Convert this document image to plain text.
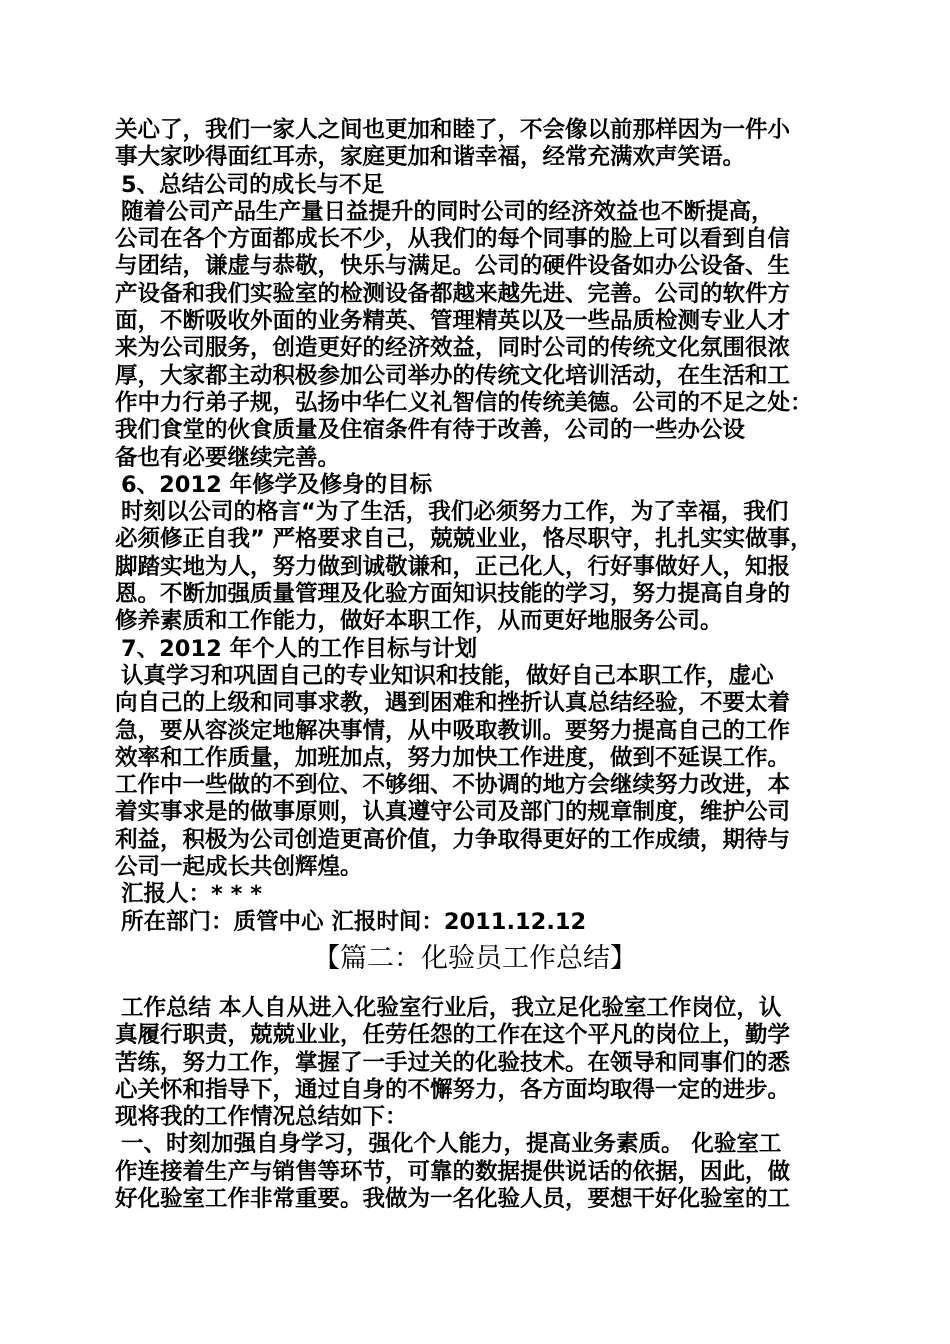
关心了，我们一家人之间也更加和睦了，不会像以前那样因为一件小
事大家吵得面红耳赤，家庭更加和谐幸福，经常充满欢声笑语。
5、总结公司的成长与不足
随着公司产品生产量日益提升的同时公司的经济效益也不断提高，
公司在各个方面都成长不少，从我们的每个同事的脸上可以看到自信
与团结，谦虚与恭敬，快乐与满足。公司的硬件设备如办公设备、生
产设备和我们实验室的检测设备都越来越先进、完善。公司的软件方
面，不断吸收外面的业务精英、管理精英以及一些品质检测专业人才
来为公司服务，创造更好的经济效益，同时公司的传统文化氛围很浓
厚，大家都主动积极参加公司举办的传统文化培训活动，在生活和工
作中力行弟子规，弘扬中华仁义礼智信的传统美德。公司的不足之处：
我们食堂的伙食质量及住宿条件有待于改善，公司的一些办公设
备也有必要继续完善。
6、2012 年修学及修身的目标
时刻以公司的格言“为了生活，我们必须努力工作，为了幸福，我们
必须修正自我” 严格要求自己，兢兢业业，恪尽职守，扎扎实实做事，
脚踏实地为人，努力做到诚敬谦和，正己化人，行好事做好人，知报
恩。不断加强质量管理及化验方面知识技能的学习，努力提高自身的
修养素质和工作能力，做好本职工作，从而更好地服务公司。
7、2012 年个人的工作目标与计划
认真学习和巩固自己的专业知识和技能，做好自己本职工作，虚心
向自己的上级和同事求教，遇到困难和挫折认真总结经验，不要太着
急，要从容淡定地解决事情，从中吸取教训。要努力提高自己的工作
效率和工作质量，加班加点，努力加快工作进度，做到不延误工作。
工作中一些做的不到位、不够细、不协调的地方会继续努力改进，本
着实事求是的做事原则，认真遵守公司及部门的规章制度，维护公司
利益，积极为公司创造更高价值，力争取得更好的工作成绩，期待与
公司一起成长共创辉煌。
汇报人：* * *
所在部门：质管中心 汇报时间：2011.12.12
【篇二：化验员工作总结】
工作总结 本人自从进入化验室行业后，我立足化验室工作岗位，认
真履行职责，兢兢业业，任劳任怨的工作在这个平凡的岗位上，勤学
苦练，努力工作，掌握了一手过关的化验技术。在领导和同事们的悉
心关怀和指导下，通过自身的不懈努力，各方面均取得一定的进步。
现将我的工作情况总结如下：
一、时刻加强自身学习，强化个人能力，提高业务素质。 化验室工
作连接着生产与销售等环节，可靠的数据提供说话的依据，因此，做
好化验室工作非常重要。我做为一名化验人员，要想干好化验室的工
